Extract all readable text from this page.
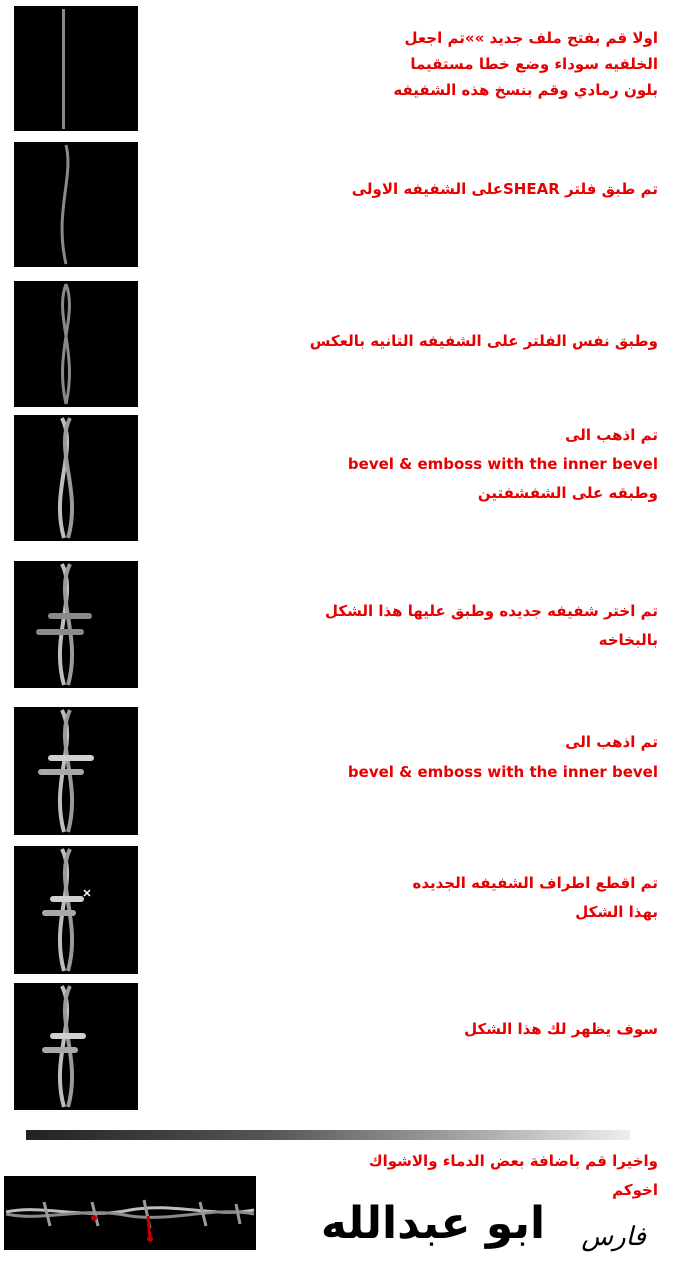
اولا قم بفتح ملف جديد »»تم اجعل
الخلفيه سوداء وضع خطا مستقيما
بلون رمادي وقم بنسخ هذه الشفيفه
تم طبق فلتر SHEARعلى الشفيفه الاولى
وطبق نفس الفلتر على الشفيفه التانيه بالعكس
تم اذهب الى
bevel & emboss with the inner bevel
وطبقه على الشفشفتين
تم اختر شفيفه جديده وطبق عليها هذا الشكل
بالبخاخه
تم اذهب الى
bevel & emboss with the inner bevel
تم اقطع اطراف الشفيفه الجديده
بهذا الشكل
سوف يظهر لك هذا الشكل
واخيرا قم باضافة بعض الدماء والاشواك
اخوكم
ابو عبدالله	فارس
